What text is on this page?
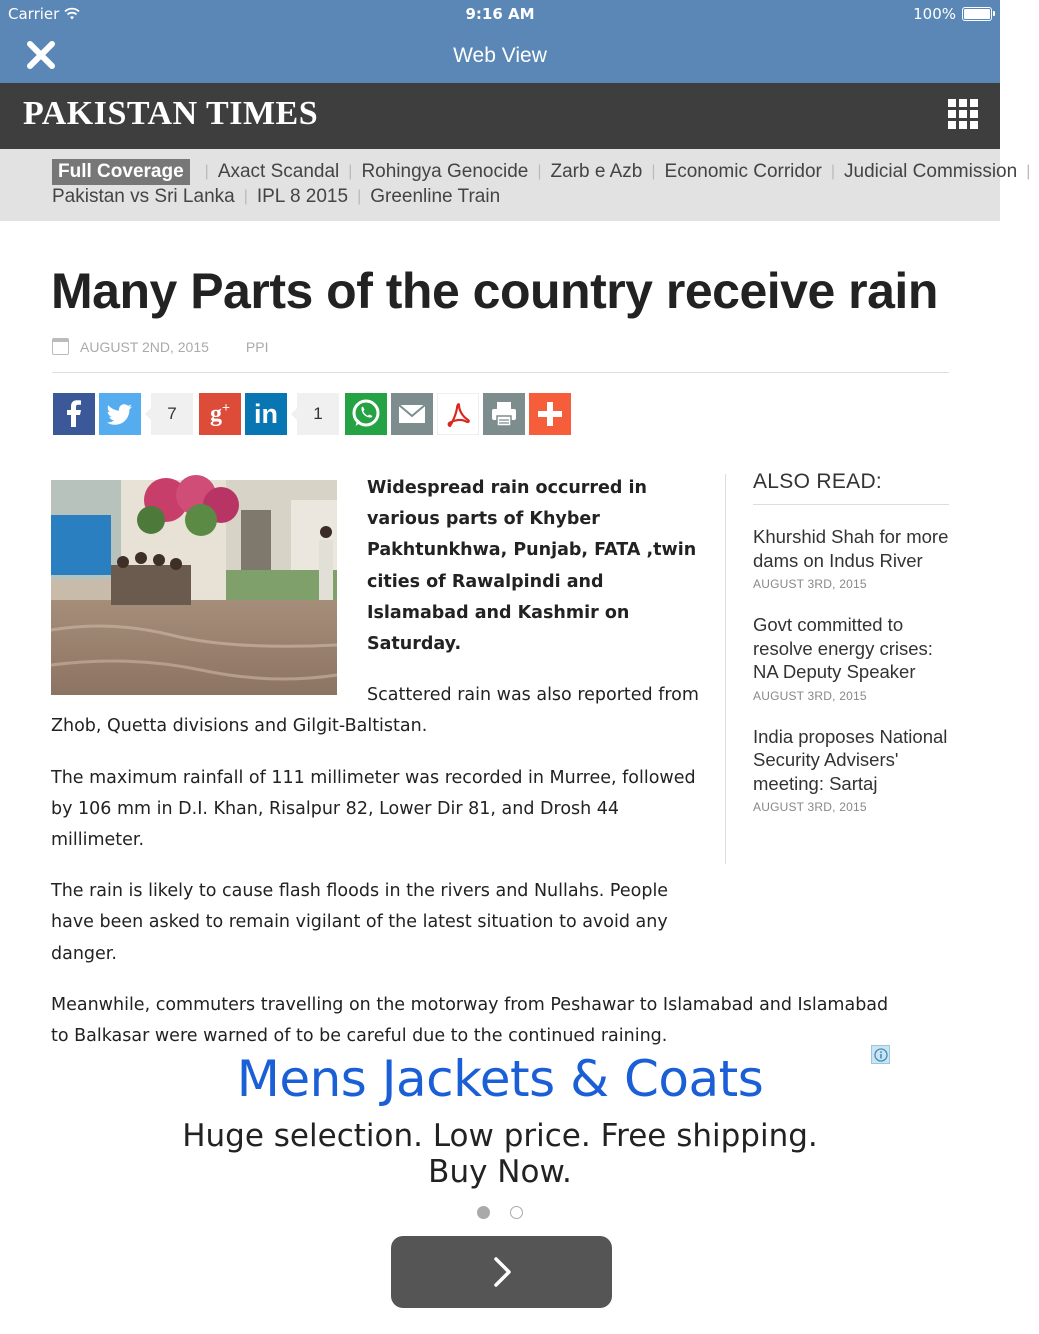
Carrier	9:16 AM	100%
Web View
PAKISTAN TIMES
Full Coverage	| Axact Scandal | Rohingya Genocide | Zarb e Azb | Economic Corridor | Judicial Commission |
Pakistan vs Sri Lanka | IPL 8 2015 | Greenline Train
Many Parts of the country receive rain
AUGUST 2ND, 2015	PPI
7	g+ in	1

Widespread rain occurred in various parts of Khyber Pakhtunkhwa, Punjab, FATA ,twin cities of Rawalpindi and Islamabad and Kashmir on Saturday.

Scattered rain was also reported from Zhob, Quetta divisions and Gilgit-Baltistan.

The maximum rainfall of 111 millimeter was recorded in Murree, followed by 106 mm in D.I. Khan, Risalpur 82, Lower Dir 81, and Drosh 44 millimeter.

The rain is likely to cause flash floods in the rivers and Nullahs. People have been asked to remain vigilant of the latest situation to avoid any danger.

Meanwhile, commuters travelling on the motorway from Peshawar to Islamabad and Islamabad to Balkasar were warned of to be careful due to the continued raining.

ALSO READ:
Khurshid Shah for more dams on Indus River
AUGUST 3RD, 2015
Govt committed to resolve energy crises: NA Deputy Speaker
AUGUST 3RD, 2015
India proposes National Security Advisers' meeting: Sartaj
AUGUST 3RD, 2015
Mens Jackets & Coats
Huge selection. Low price. Free shipping. Buy Now.
